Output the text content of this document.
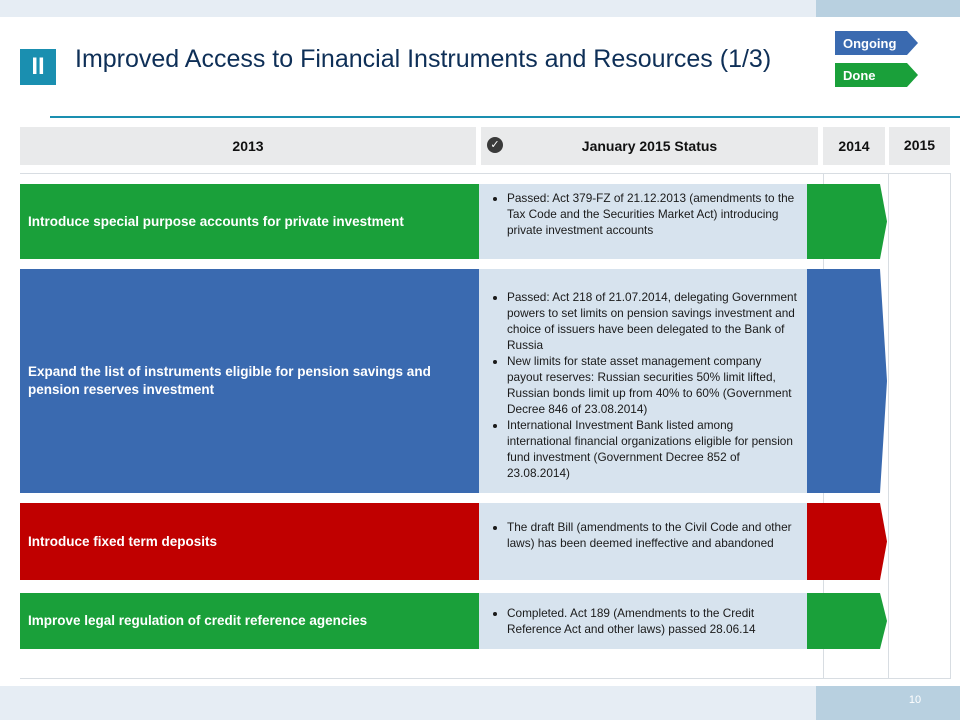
II	Improved Access to Financial Instruments and Resources (1/3)
Ongoing
Done
2013	January 2015 Status
✓	2014	2015
Introduce special purpose accounts for private investment
• Passed: Act 379-FZ of 21.12.2013 (amendments to the Tax Code and the Securities Market Act) introducing private investment accounts
Expand the list of instruments eligible for pension savings and pension reserves investment
• Passed: Act 218 of 21.07.2014, delegating Government powers to set limits on pension savings investment and choice of issuers have been delegated to the Bank of Russia
• New limits for state asset management company payout reserves: Russian securities 50% limit lifted, Russian bonds limit up from 40% to 60% (Government Decree 846 of 23.08.2014)
• International Investment Bank listed among international financial organizations eligible for pension fund investment (Government Decree 852 of 23.08.2014)
Introduce fixed term deposits
• The draft Bill (amendments to the Civil Code and other laws) has been deemed ineffective and abandoned
Improve legal regulation of credit reference agencies
•	Completed. Act 189 (Amendments to the Credit Reference Act and other laws) passed 28.06.14
10
